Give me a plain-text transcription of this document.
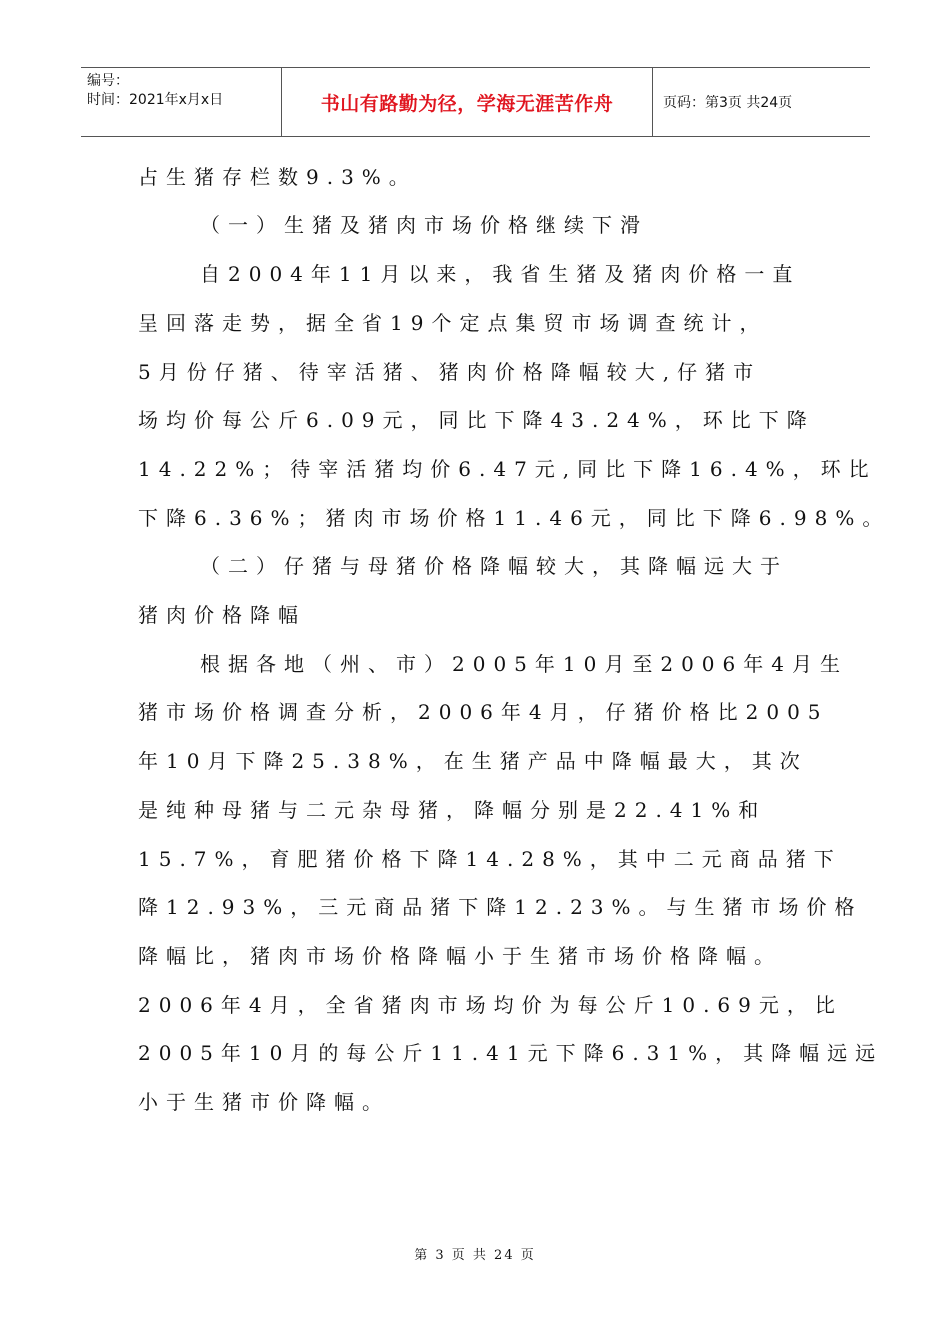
编号：
时间：2021年x月x日	书山有路勤为径，学海无涯苦作舟	页码：第3页 共24页
占生猪存栏数9.3%。
（一）生猪及猪肉市场价格继续下滑
自2004年11月以来，我省生猪及猪肉价格一直
呈回落走势，据全省19个定点集贸市场调查统计，
5月份仔猪、待宰活猪、猪肉价格降幅较大,仔猪市
场均价每公斤6.09元，同比下降43.24%，环比下降
14.22%；待宰活猪均价6.47元,同比下降16.4%，环比
下降6.36%；猪肉市场价格11.46元，同比下降6.98%。
（二）仔猪与母猪价格降幅较大，其降幅远大于
猪肉价格降幅
根据各地（州、市）2005年10月至2006年4月生
猪市场价格调查分析，2006年4月，仔猪价格比2005
年10月下降25.38%，在生猪产品中降幅最大，其次
是纯种母猪与二元杂母猪，降幅分别是22.41%和
15.7%，育肥猪价格下降14.28%，其中二元商品猪下
降12.93%，三元商品猪下降12.23%。与生猪市场价格
降幅比，猪肉市场价格降幅小于生猪市场价格降幅。
2006年4月，全省猪肉市场均价为每公斤10.69元，比
2005年10月的每公斤11.41元下降6.31%，其降幅远远
小于生猪市价降幅。
第 3 页 共 24 页
